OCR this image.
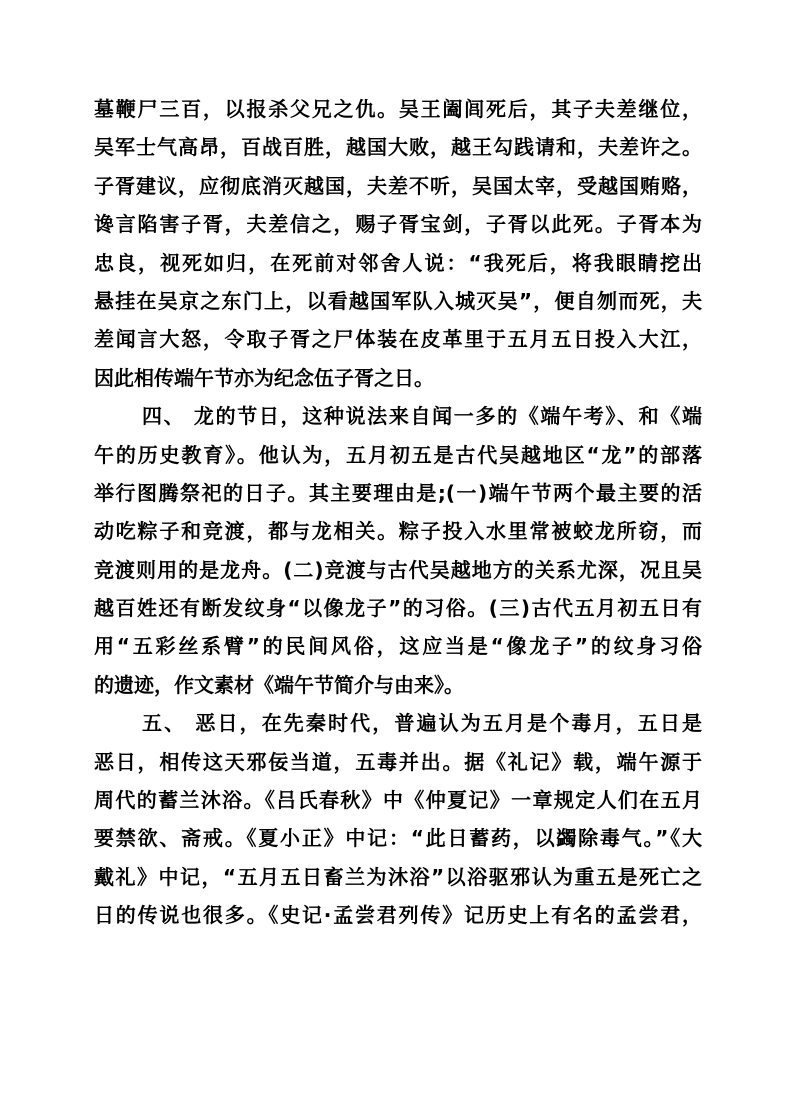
墓鞭尸三百，以报杀父兄之仇。吴王阖闾死后，其子夫差继位，
吴军士气高昂，百战百胜，越国大败，越王勾践请和，夫差许之。
子胥建议，应彻底消灭越国，夫差不听，吴国太宰，受越国贿赂，
谗言陷害子胥，夫差信之，赐子胥宝剑，子胥以此死。子胥本为
忠良，视死如归，在死前对邻舍人说：“我死后，将我眼睛挖出
悬挂在吴京之东门上，以看越国军队入城灭吴”，便自刎而死，夫
差闻言大怒，令取子胥之尸体装在皮革里于五月五日投入大江，
因此相传端午节亦为纪念伍子胥之日。
四、 龙的节日，这种说法来自闻一多的《端午考》、和《端
午的历史教育》。他认为，五月初五是古代吴越地区“龙”的部落
举行图腾祭祀的日子。其主要理由是;(一)端午节两个最主要的活
动吃粽子和竞渡，都与龙相关。粽子投入水里常被蛟龙所窃，而
竞渡则用的是龙舟。(二)竞渡与古代吴越地方的关系尤深，况且吴
越百姓还有断发纹身“以像龙子”的习俗。(三)古代五月初五日有
用“五彩丝系臂”的民间风俗，这应当是“像龙子”的纹身习俗
的遗迹，作文素材《端午节简介与由来》。
五、 恶日，在先秦时代，普遍认为五月是个毒月，五日是
恶日，相传这天邪佞当道，五毒并出。据《礼记》载，端午源于
周代的蓄兰沐浴。《吕氏春秋》中《仲夏记》一章规定人们在五月
要禁欲、斋戒。《夏小正》中记：“此日蓄药，以蠲除毒气。”《大
戴礼》中记，“五月五日畜兰为沐浴”以浴驱邪认为重五是死亡之
日的传说也很多。《史记·孟尝君列传》记历史上有名的孟尝君，
